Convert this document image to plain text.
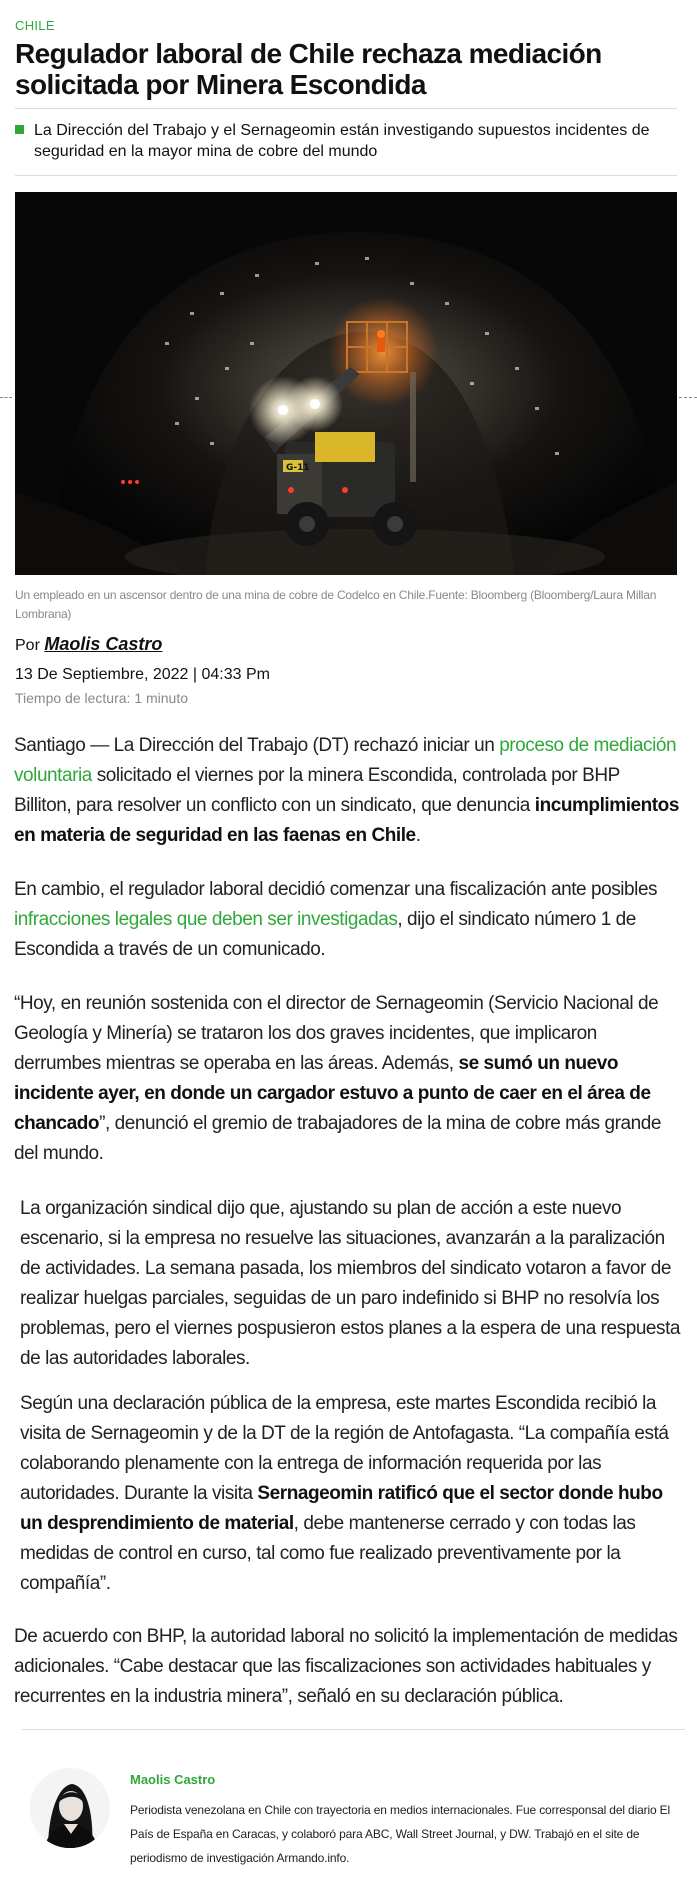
CHILE
Regulador laboral de Chile rechaza mediación solicitada por Minera Escondida

La Dirección del Trabajo y el Sernageomin están investigando supuestos incidentes de seguridad en la mayor mina de cobre del mundo

G-11

Un empleado en un ascensor dentro de una mina de cobre de Codelco en Chile.Fuente: Bloomberg (Bloomberg/Laura Millan Lombrana)

Por Maolis Castro
13 De Septiembre, 2022 | 04:33 Pm
Tiempo de lectura: 1 minuto

Santiago — La Dirección del Trabajo (DT) rechazó iniciar un proceso de mediación voluntaria solicitado el viernes por la minera Escondida, controlada por BHP Billiton, para resolver un conflicto con un sindicato, que denuncia incumplimientos en materia de seguridad en las faenas en Chile.

En cambio, el regulador laboral decidió comenzar una fiscalización ante posibles infracciones legales que deben ser investigadas, dijo el sindicato número 1 de Escondida a través de un comunicado.

“Hoy, en reunión sostenida con el director de Sernageomin (Servicio Nacional de Geología y Minería) se trataron los dos graves incidentes, que implicaron derrumbes mientras se operaba en las áreas. Además, se sumó un nuevo incidente ayer, en donde un cargador estuvo a punto de caer en el área de chancado”, denunció el gremio de trabajadores de la mina de cobre más grande del mundo.

La organización sindical dijo que, ajustando su plan de acción a este nuevo escenario, si la empresa no resuelve las situaciones, avanzarán a la paralización de actividades. La semana pasada, los miembros del sindicato votaron a favor de realizar huelgas parciales, seguidas de un paro indefinido si BHP no resolvía los problemas, pero el viernes pospusieron estos planes a la espera de una respuesta de las autoridades laborales.

Según una declaración pública de la empresa, este martes Escondida recibió la visita de Sernageomin y de la DT de la región de Antofagasta. “La compañía está colaborando plenamente con la entrega de información requerida por las autoridades. Durante la visita Sernageomin ratificó que el sector donde hubo un desprendimiento de material, debe mantenerse cerrado y con todas las medidas de control en curso, tal como fue realizado preventivamente por la compañía”.

De acuerdo con BHP, la autoridad laboral no solicitó la implementación de medidas adicionales. “Cabe destacar que las fiscalizaciones son actividades habituales y recurrentes en la industria minera”, señaló en su declaración pública.

Maolis Castro

Periodista venezolana en Chile con trayectoria en medios internacionales. Fue corresponsal del diario El País de España en Caracas, y colaboró para ABC, Wall Street Journal, y DW. Trabajó en el site de periodismo de investigación Armando.info.
